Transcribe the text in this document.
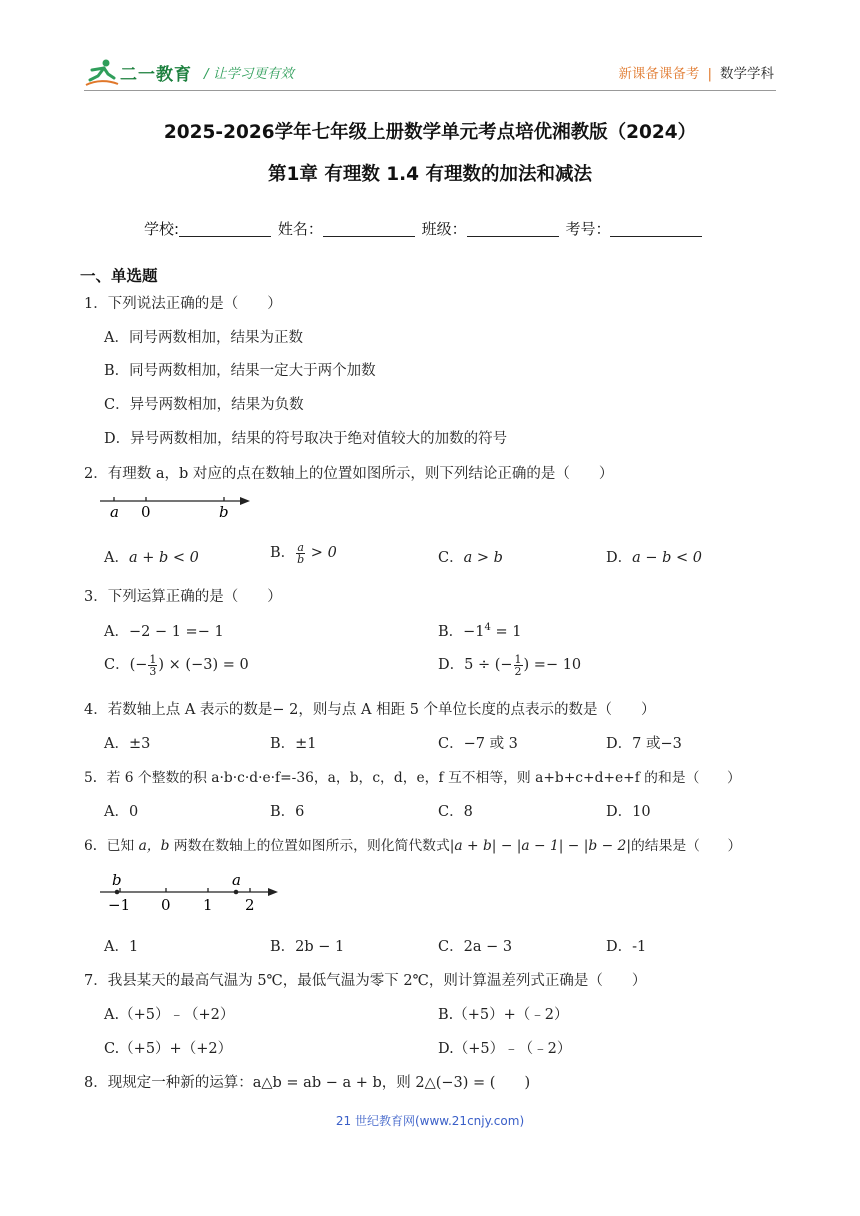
二一教育 / 让学习更有效	新课备课备考 | 数学学科
2025-2026学年七年级上册数学单元考点培优湘教版（2024）
第1章 有理数 1.4 有理数的加法和减法
学校:	姓名：	班级：	考号：
一、单选题
1．下列说法正确的是（　　）
A．同号两数相加，结果为正数
B．同号两数相加，结果一定大于两个加数
C．异号两数相加，结果为负数
D．异号两数相加，结果的符号取决于绝对值较大的加数的符号
2．有理数 a，b 对应的点在数轴上的位置如图所示，则下列结论正确的是（　　）
a 0	b
A．a + b < 0	B． $\frac{a}{b} > 0$	C．a > b	D．a − b < 0
3．下列运算正确的是（　　）
A．−2 − 1 =− 1	B．$-1^4 = 1$
C．(− $\frac{1}{3}$ ) × (−3) = 0	D．5 ÷ (− $\frac{1}{2}$ ) =− 10
4．若数轴上点 A 表示的数是− 2，则与点 A 相距 5 个单位长度的点表示的数是（　　）
A．±3	B．±1	C．−7 或 3	D．7 或−3
5．若 6 个整数的积 a·b·c·d·e·f=-36，a，b，c，d，e，f 互不相等，则 a+b+c+d+e+f 的和是（　　）
A．0	B．6	C．8	D．10
6．已知 a，b 两数在数轴上的位置如图所示，则化简代数式|a + b| − |a − 1| − |b − 2|的结果是（　　）
b	a
−1 0 1 2
A．1	B．2b − 1	C．2a − 3	D．-1
7．我县某天的最高气温为 5℃，最低气温为零下 2℃，则计算温差列式正确是（　　）
A.（+5）﹣（+2）	B.（+5）+（﹣2）
C.（+5）+（+2）	D.（+5）﹣（﹣2）
8．现规定一种新的运算：a△b = ab − a + b，则 2△(−3) = (　　)
21 世纪教育网(www.21cnjy.com)
